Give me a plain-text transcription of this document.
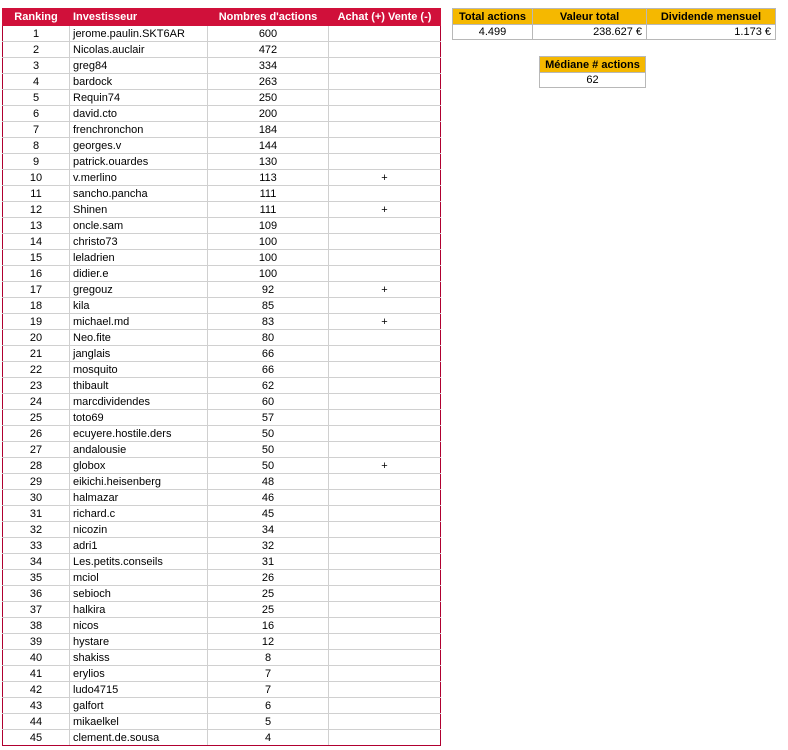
Ranking	Investisseur	Nombres d'actions	Achat (+) Vente (-)
1	jerome.paulin.SKT6AR	600	
2	Nicolas.auclair	472	
3	greg84	334	
4	bardock	263	
5	Requin74	250	
6	david.cto	200	
7	frenchronchon	184	
8	georges.v	144	
9	patrick.ouardes	130	
10	v.merlino	113	+
11	sancho.pancha	111	
12	Shinen	111	+
13	oncle.sam	109	
14	christo73	100	
15	leladrien	100	
16	didier.e	100	
17	gregouz	92	+
18	kila	85	
19	michael.md	83	+
20	Neo.fite	80	
21	janglais	66	
22	mosquito	66	
23	thibault	62	
24	marcdividendes	60	
25	toto69	57	
26	ecuyere.hostile.ders	50	
27	andalousie	50	
28	globox	50	+
29	eikichi.heisenberg	48	
30	halmazar	46	
31	richard.c	45	
32	nicozin	34	
33	adri1	32	
34	Les.petits.conseils	31	
35	mciol	26	
36	sebioch	25	
37	halkira	25	
38	nicos	16	
39	hystare	12	
40	shakiss	8	
41	erylios	7	
42	ludo4715	7	
43	galfort	6	
44	mikaelkel	5	
45	clement.de.sousa	4	
Total actions	Valeur total	Dividende mensuel
4.499	238.627 €	1.173 €
Médiane # actions
62
